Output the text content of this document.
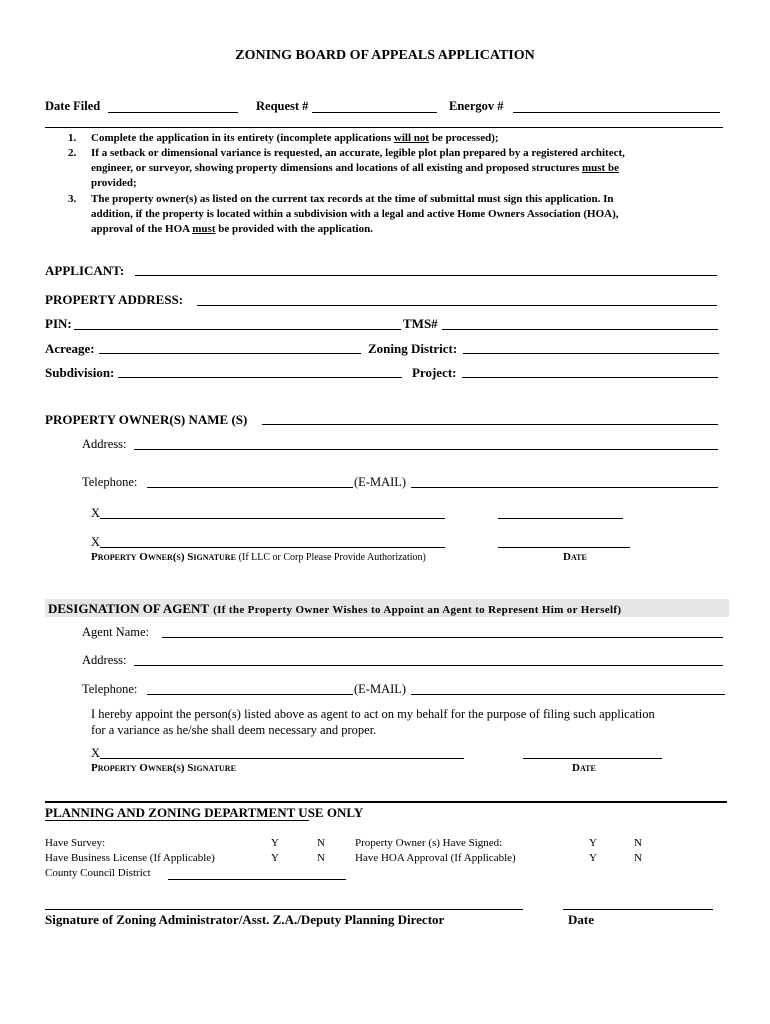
ZONING BOARD OF APPEALS APPLICATION
Date Filed	Request #	Energov #
1. Complete the application in its entirety (incomplete applications will not be processed);
2. If a setback or dimensional variance is requested, an accurate, legible plot plan prepared by a registered architect,
engineer, or surveyor, showing property dimensions and locations of all existing and proposed structures must be
provided;
3. The property owner(s) as listed on the current tax records at the time of submittal must sign this application. In
addition, if the property is located within a subdivision with a legal and active Home Owners Association (HOA),
approval of the HOA must be provided with the application.
APPLICANT:
PROPERTY ADDRESS:
PIN:	TMS#
Acreage:	Zoning District:
Subdivision:	Project:
PROPERTY OWNER(S) NAME (S)
Address:
Telephone:	(E-MAIL)
X
X
Property Owner(s) Signature (If LLC or Corp Please Provide Authorization)	Date
DESIGNATION OF AGENT (If the Property Owner Wishes to Appoint an Agent to Represent Him or Herself)
Agent Name:
Address:
Telephone:	(E-MAIL)
I hereby appoint the person(s) listed above as agent to act on my behalf for the purpose of filing such application
for a variance as he/she shall deem necessary and proper.
X
Property Owner(s) Signature	Date
PLANNING AND ZONING DEPARTMENT USE ONLY
Have Survey:	Y	N	Property Owner (s) Have Signed:	Y	N
Have Business License (If Applicable)	Y	N	Have HOA Approval (If Applicable)	Y	N
County Council District
Signature of Zoning Administrator/Asst. Z.A./Deputy Planning Director	Date
